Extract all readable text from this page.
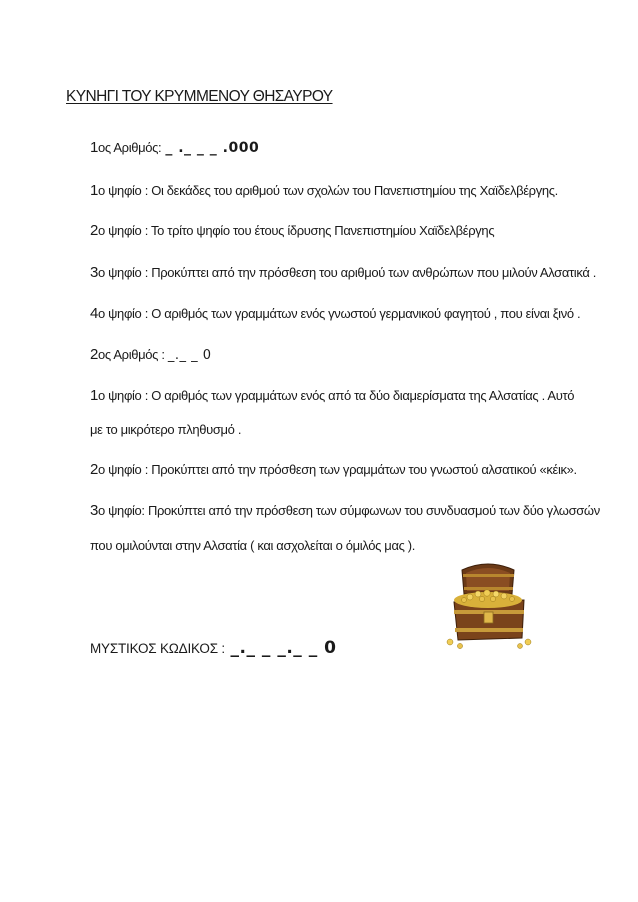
ΚΥΝΗΓΙ ΤΟΥ ΚΡΥΜΜΕΝΟΥ ΘΗΣΑΥΡΟΥ
1ος Αριθμός: _ ._ _ _ .000
1ο ψηφίο : Οι δεκάδες του αριθμού των σχολών του Πανεπιστημίου της Χαϊδελβέργης.
2ο ψηφίο : Το τρίτο ψηφίο του έτους ίδρυσης Πανεπιστημίου Χαϊδελβέργης
3ο ψηφίο : Προκύπτει από την πρόσθεση του αριθμού των ανθρώπων που μιλούν Αλσατικά .
4ο ψηφίο : Ο αριθμός των γραμμάτων ενός γνωστού γερμανικού φαγητού , που είναι ξινό .
2ος Αριθμός : _._ _ 0
1ο ψηφίο : Ο αριθμός των γραμμάτων ενός από τα δύο διαμερίσματα της Αλσατίας . Αυτό
με το μικρότερο πληθυσμό .
2ο ψηφίο : Προκύπτει από την πρόσθεση των γραμμάτων του γνωστού αλσατικού «κέικ».
3ο ψηφίο: Προκύπτει από την πρόσθεση των σύμφωνων του συνδυασμού των δύο γλωσσών
που ομιλούνται στην Αλσατία ( και ασχολείται ο όμιλός μας ).
ΜΥΣΤΙΚΟΣ ΚΩΔΙΚΟΣ : _._ _ _._ _ 0
